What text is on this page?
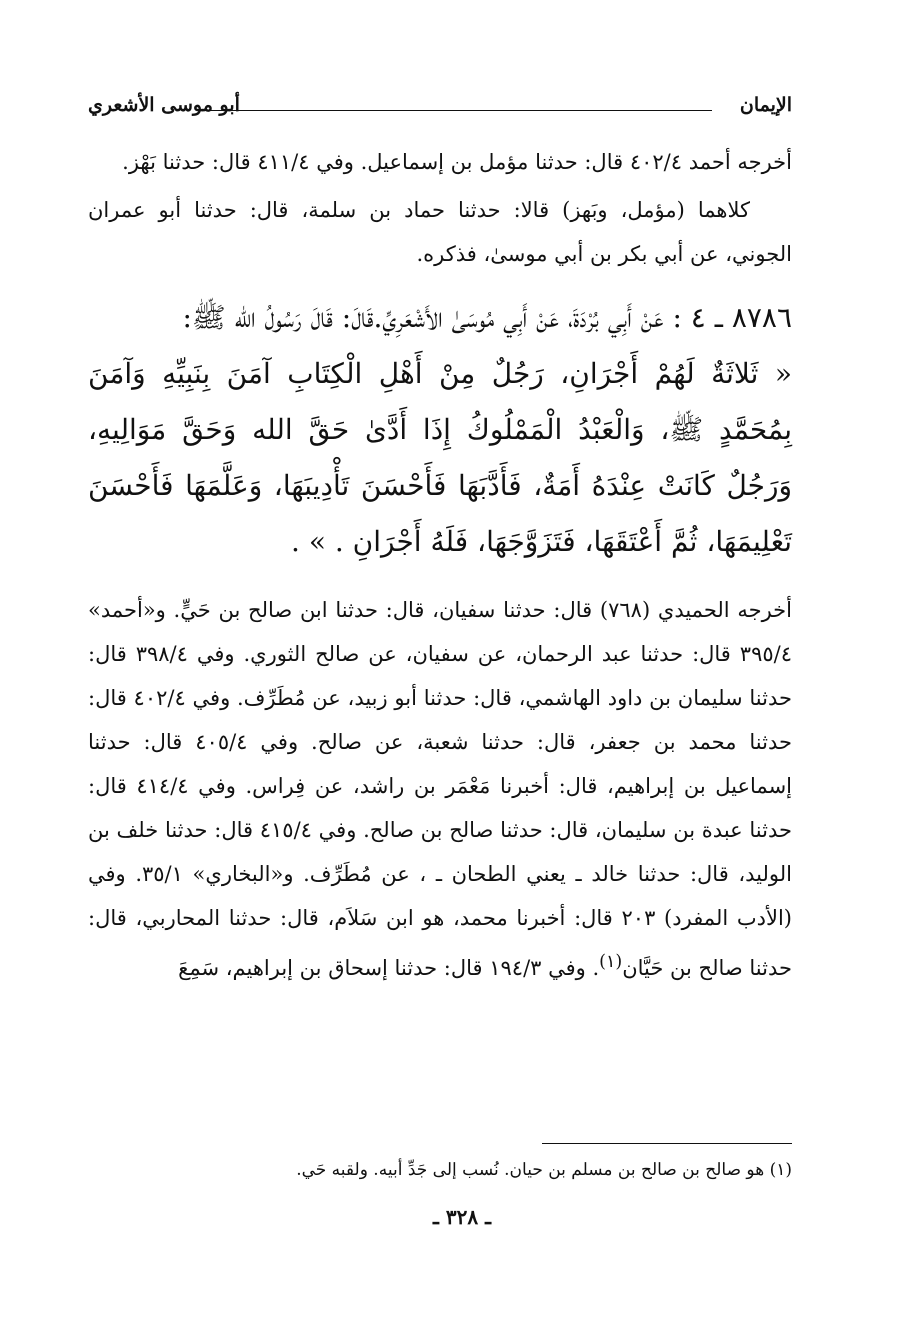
الإيمان
أبو موسى الأشعري

أخرجه أحمد ٤٠٢/٤ قال: حدثنا مؤمل بن إسماعيل. وفي ٤١١/٤ قال: حدثنا بَهْز.

كلاهما (مؤمل، وبَهز) قالا: حدثنا حماد بن سلمة، قال: حدثنا أبو عمران الجوني، عن أبي بكر بن أبي موسىٰ، فذكره.

٨٧٨٦ ـ ٤ : عَنْ أَبِي بُرْدَةَ، عَنْ أَبِي مُوسَىٰ الأَشْعَرِيِّ.قَالَ: قَالَ رَسُولُ الله ﷺ:

« ثَلاثَةٌ لَهُمْ أَجْرَانِ، رَجُلٌ مِنْ أَهْلِ الْكِتَابِ آمَنَ بِنَبِيِّهِ وَآمَنَ بِمُحَمَّدٍ ﷺ، وَالْعَبْدُ الْمَمْلُوكُ إِذَا أَدَّىٰ حَقَّ الله وَحَقَّ مَوَالِيهِ، وَرَجُلٌ كَانَتْ عِنْدَهُ أَمَةٌ، فَأَدَّبَهَا فَأَحْسَنَ تَأْدِيبَهَا، وَعَلَّمَهَا فَأَحْسَنَ تَعْلِيمَهَا، ثُمَّ أَعْتَقَهَا، فَتَزَوَّجَهَا، فَلَهُ أَجْرَانِ . » .

أخرجه الحميدي (٧٦٨) قال: حدثنا سفيان، قال: حدثنا ابن صالح بن حَيٍّ. و«أحمد» ٣٩٥/٤ قال: حدثنا عبد الرحمان، عن سفيان، عن صالح الثوري. وفي ٣٩٨/٤ قال: حدثنا سليمان بن داود الهاشمي، قال: حدثنا أبو زبيد، عن مُطَرِّف. وفي ٤٠٢/٤ قال: حدثنا محمد بن جعفر، قال: حدثنا شعبة، عن صالح. وفي ٤٠٥/٤ قال: حدثنا إسماعيل بن إبراهيم، قال: أخبرنا مَعْمَر بن راشد، عن فِراس. وفي ٤١٤/٤ قال: حدثنا عبدة بن سليمان، قال: حدثنا صالح بن صالح. وفي ٤١٥/٤ قال: حدثنا خلف بن الوليد، قال: حدثنا خالد ـ يعني الطحان ـ ، عن مُطَرِّف. و«البخاري» ٣٥/١. وفي (الأدب المفرد) ٢٠٣ قال: أخبرنا محمد، هو ابن سَلاَم، قال: حدثنا المحاربي، قال: حدثنا صالح بن حَيَّان$^{(١)}$. وفي ١٩٤/٣ قال: حدثنا إسحاق بن إبراهيم، سَمِعَ

(١) هو صالح بن صالح بن مسلم بن حيان. نُسب إلى جَدِّ أبيه. ولقبه حَي.
ـ ٣٢٨ ـ
